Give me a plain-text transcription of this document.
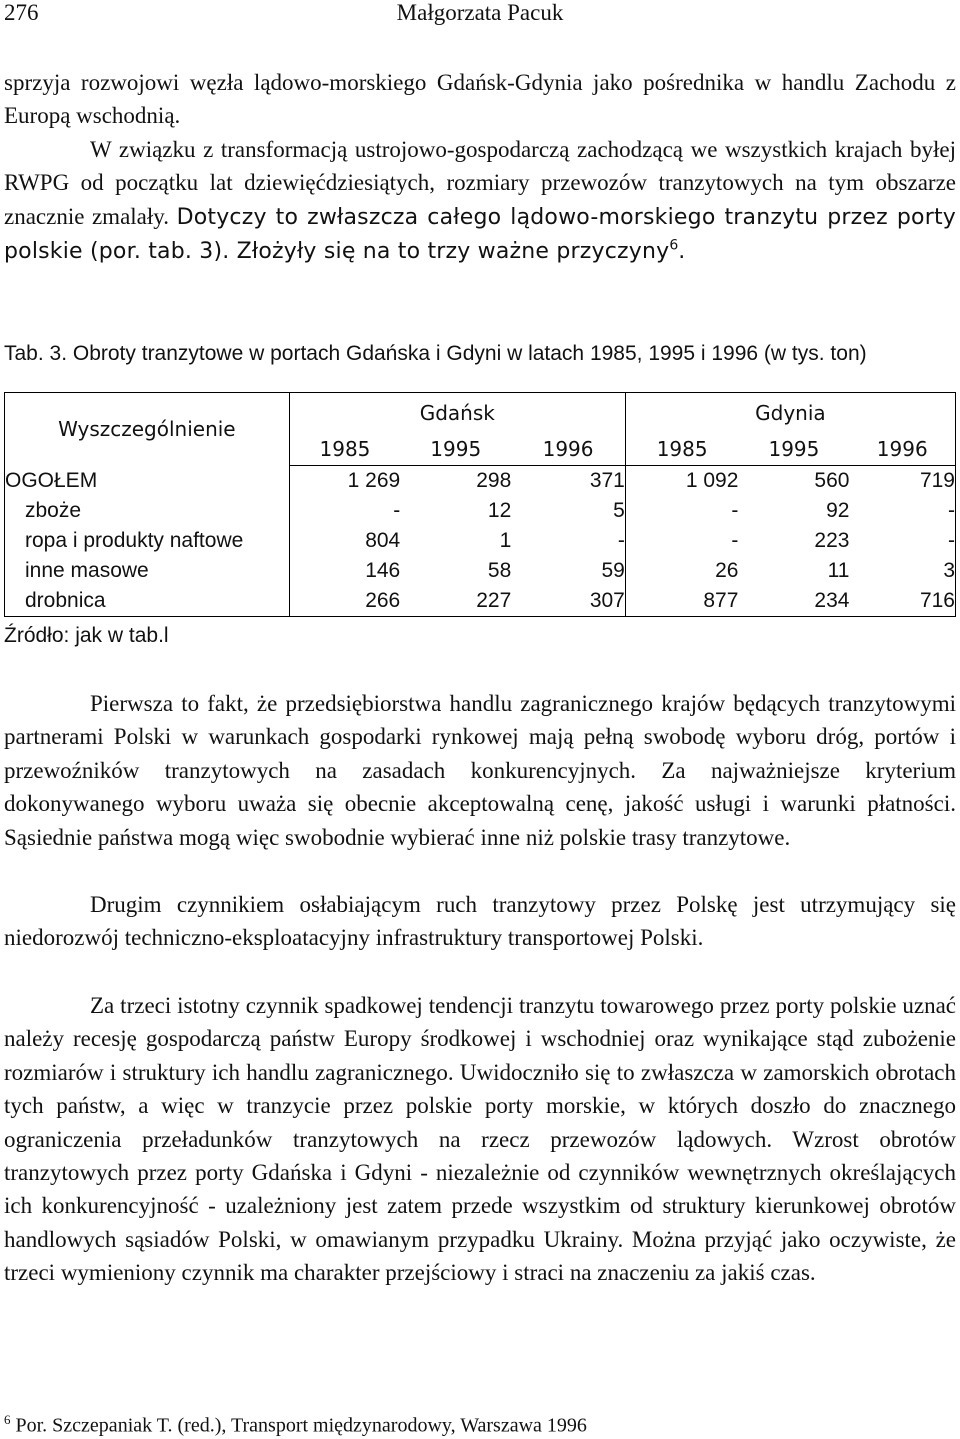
276	Małgorzata Pacuk

sprzyja rozwojowi węzła lądowo-morskiego Gdańsk-Gdynia jako pośrednika w handlu Zachodu z Europą wschodnią.

W związku z transformacją ustrojowo-gospodarczą zachodzącą we wszystkich krajach byłej RWPG od początku lat dziewięćdziesiątych, rozmiary przewozów tranzytowych na tym obszarze znacznie zmalały. Dotyczy to zwłaszcza całego lądowo-morskiego tranzytu przez porty polskie (por. tab. 3). Złożyły się na to trzy ważne przyczyny$^6$.

Tab. 3. Obroty tranzytowe w portach Gdańska i Gdyni w latach 1985, 1995 i 1996 (w tys. ton)

Wyszczególnienie	Gdańsk			Gdynia		
	1985	1995	1996	1985	1995	1996
OGOŁEM	1 269	298	371	1 092	560	719
zboże	-	12	5	-	92	-
ropa i produkty naftowe	804	1	-	-	223	-
inne masowe	146	58	59	26	11	3
drobnica	266	227	307	877	234	716
Źródło: jak w tab.l

Pierwsza to fakt, że przedsiębiorstwa handlu zagranicznego krajów będących tranzytowymi partnerami Polski w warunkach gospodarki rynkowej mają pełną swobodę wyboru dróg, portów i przewoźników tranzytowych na zasadach konkurencyjnych. Za najważniejsze kryterium dokonywanego wyboru uważa się obecnie akceptowalną cenę, jakość usługi i warunki płatności. Sąsiednie państwa mogą więc swobodnie wybierać inne niż polskie trasy tranzytowe.

Drugim czynnikiem osłabiającym ruch tranzytowy przez Polskę jest utrzymujący się niedorozwój techniczno-eksploatacyjny infrastruktury transportowej Polski.

Za trzeci istotny czynnik spadkowej tendencji tranzytu towarowego przez porty polskie uznać należy recesję gospodarczą państw Europy środkowej i wschodniej oraz wynikające stąd zubożenie rozmiarów i struktury ich handlu zagranicznego. Uwidoczniło się to zwłaszcza w zamorskich obrotach tych państw, a więc w tranzycie przez polskie porty morskie, w których doszło do znacznego ograniczenia przeładunków tranzytowych na rzecz przewozów lądowych. Wzrost obrotów tranzytowych przez porty Gdańska i Gdyni - niezależnie od czynników wewnętrznych określających ich konkurencyjność - uzależniony jest zatem przede wszystkim od struktury kierunkowej obrotów handlowych sąsiadów Polski, w omawianym przypadku Ukrainy. Można przyjąć jako oczywiste, że trzeci wymieniony czynnik ma charakter przejściowy i straci na znaczeniu za jakiś czas.

$^6$ Por. Szczepaniak T. (red.), Transport międzynarodowy, Warszawa 1996
